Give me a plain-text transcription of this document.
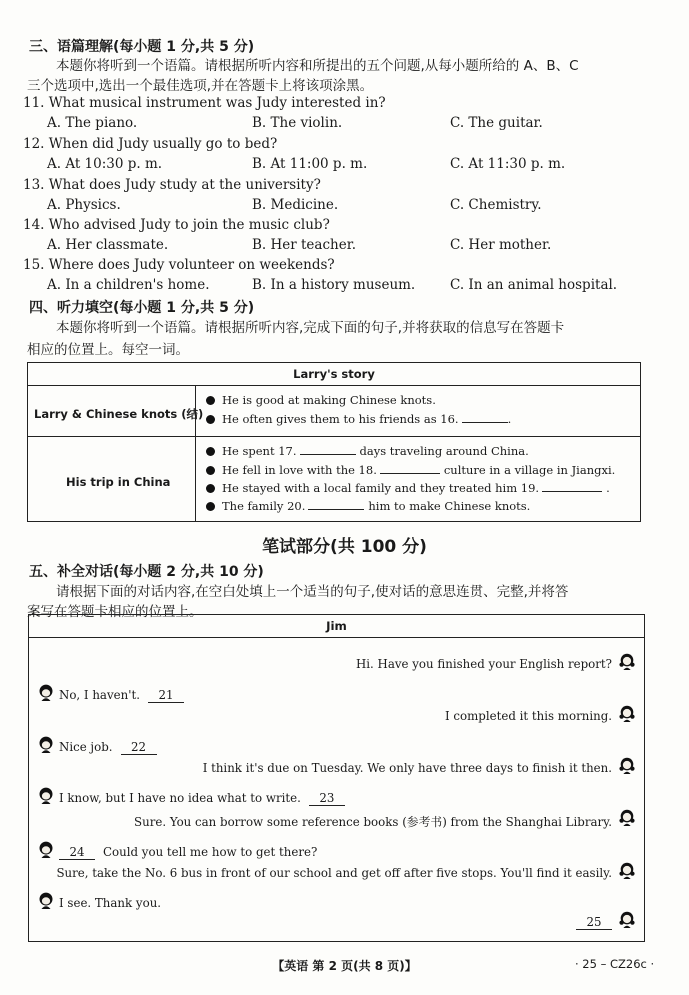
三、语篇理解(每小题 1 分,共 5 分)
本题你将听到一个语篇。请根据所听内容和所提出的五个问题,从每小题所给的 A、B、C
三个选项中,选出一个最佳选项,并在答题卡上将该项涂黑。
11. What musical instrument was Judy interested in?
A. The piano.	B. The violin.	C. The guitar.
12. When did Judy usually go to bed?
A. At 10:30 p. m.	B. At 11:00 p. m.	C. At 11:30 p. m.
13. What does Judy study at the university?
A. Physics.	B. Medicine.	C. Chemistry.
14. Who advised Judy to join the music club?
A. Her classmate.	B. Her teacher.	C. Her mother.
15. Where does Judy volunteer on weekends?
A. In a children's home.	B. In a history museum.	C. In an animal hospital.
四、听力填空(每小题 1 分,共 5 分)
本题你将听到一个语篇。请根据所听内容,完成下面的句子,并将获取的信息写在答题卡
相应的位置上。每空一词。
Larry's story
Larry & Chinese knots (结)
He is good at making Chinese knots.
He often gives them to his friends as 16.	.
His trip in China
He spent 17.	days traveling around China.
He fell in love with the 18.	culture in a village in Jiangxi.
He stayed with a local family and they treated him 19.	.
The family 20.	him to make Chinese knots.
笔试部分(共 100 分)
五、补全对话(每小题 2 分,共 10 分)
请根据下面的对话内容,在空白处填上一个适当的句子,使对话的意思连贯、完整,并将答
案写在答题卡相应的位置上。
Jim
Hi. Have you finished your English report?
No, I haven't. 21
I completed it this morning.
Nice job. 22
I think it's due on Tuesday. We only have three days to finish it then.
I know, but I have no idea what to write. 23
Sure. You can borrow some reference books (参考书) from the Shanghai Library.
24 Could you tell me how to get there?
Sure, take the No. 6 bus in front of our school and get off after five stops. You'll find it easily.
I see. Thank you.
25
【英语 第 2 页(共 8 页)】	· 25 – CZ26c ·
